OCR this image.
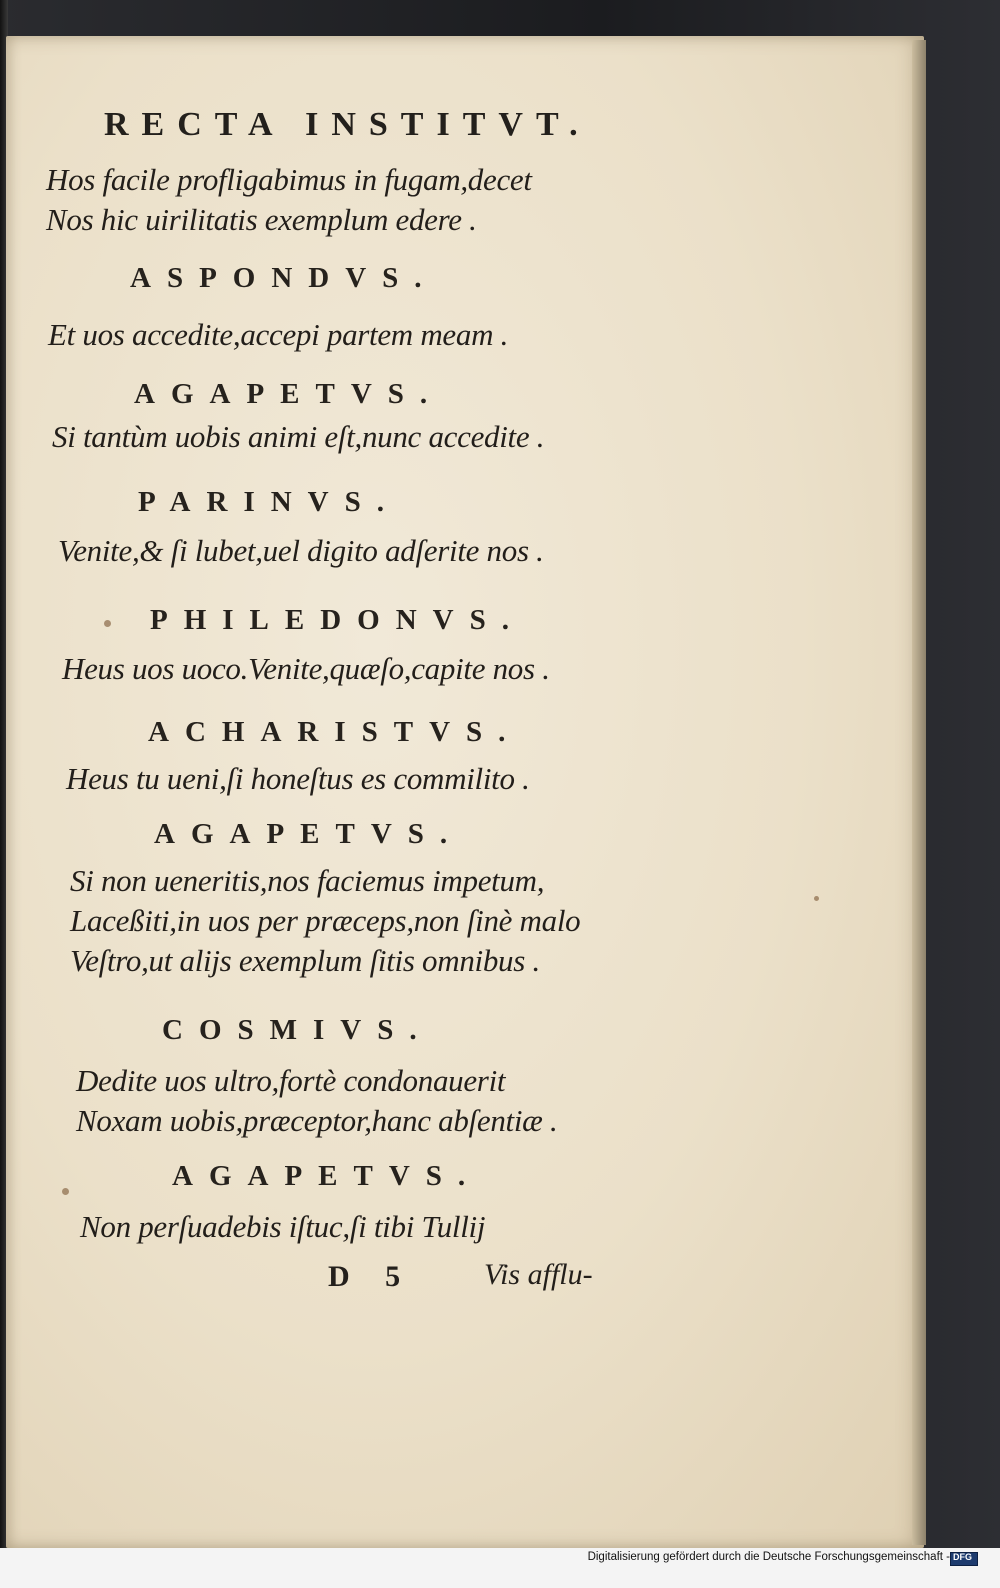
RECTA INSTITVT.
Hos facile profligabimus in fugam,decet
Nos hic uirilitatis exemplum edere .
ASPONDVS.
Et uos accedite,accepi partem meam .
AGAPETVS.
Si tantùm uobis animi eſt,nunc accedite .
PARINVS.
Venite,& ſi lubet,uel digito adſerite nos .
PHILEDONVS.
Heus uos uoco.Venite,quæſo,capite nos .
ACHARISTVS.
Heus tu ueni,ſi honeſtus es commilito .
AGAPETVS.
Si non ueneritis,nos faciemus impetum,
Laceßiti,in uos per præceps,non ſinè malo
Veſtro,ut alijs exemplum ſitis omnibus .
COSMIVS.
Dedite uos ultro,fortè condonauerit
Noxam uobis,præceptor,hanc abſentiæ .
AGAPETVS.
Non perſuadebis iſtuc,ſi tibi Tullij
D 5 Vis afflu-
Digitalisierung gefördert durch die Deutsche Forschungsgemeinschaft - DFG
